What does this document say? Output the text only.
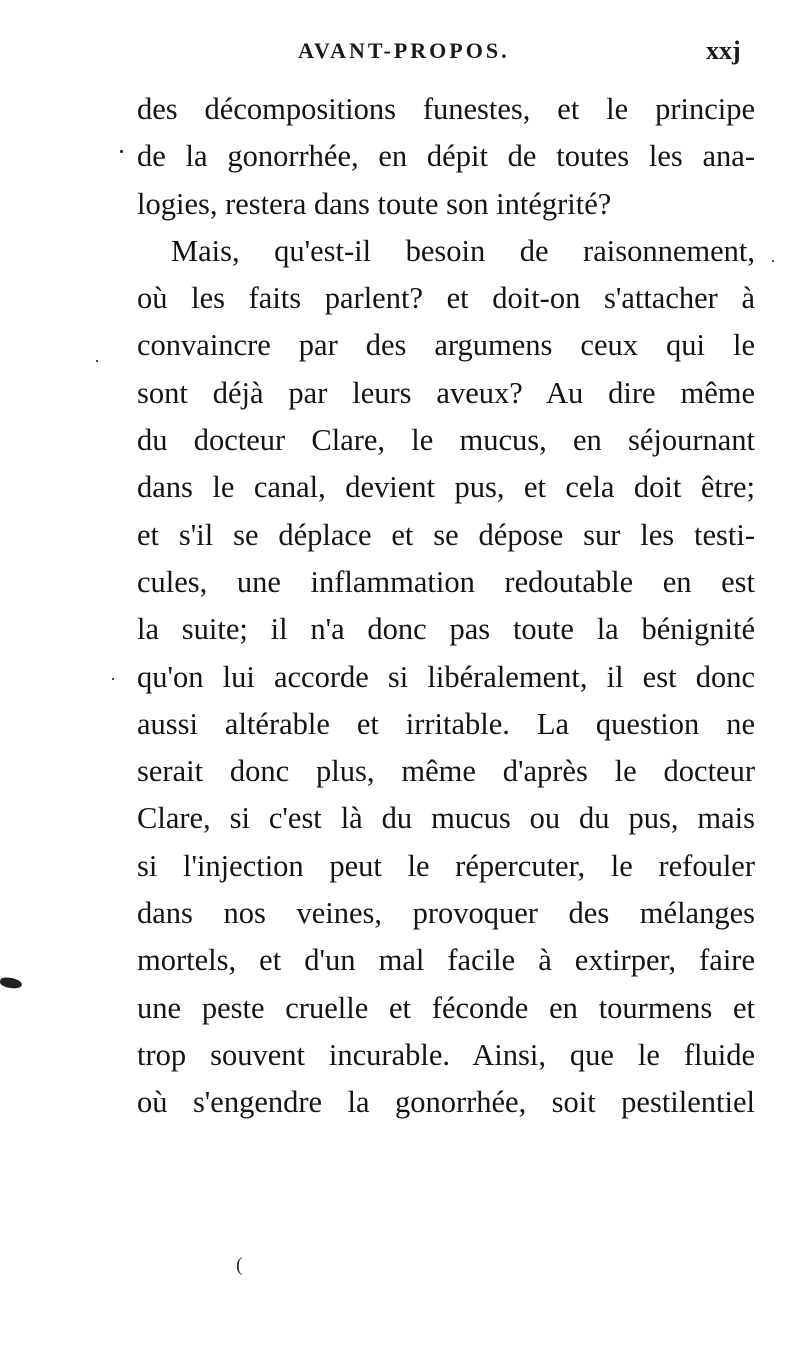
AVANT-PROPOS.	xxj
des décompositions funestes, et le principe
de la gonorrhée, en dépit de toutes les ana-
logies, restera dans toute son intégrité?
Mais, qu'est-il besoin de raisonnement,
où les faits parlent? et doit-on s'attacher à
convaincre par des argumens ceux qui le
sont déjà par leurs aveux? Au dire même
du docteur Clare, le mucus, en séjournant
dans le canal, devient pus, et cela doit être;
et s'il se déplace et se dépose sur les testi-
cules, une inflammation redoutable en est
la suite; il n'a donc pas toute la bénignité
qu'on lui accorde si libéralement, il est donc
aussi altérable et irritable. La question ne
serait donc plus, même d'après le docteur
Clare, si c'est là du mucus ou du pus, mais
si l'injection peut le répercuter, le refouler
dans nos veines, provoquer des mélanges
mortels, et d'un mal facile à extirper, faire
une peste cruelle et féconde en tourmens et
trop souvent incurable. Ainsi, que le fluide
où s'engendre la gonorrhée, soit pestilentiel
(
